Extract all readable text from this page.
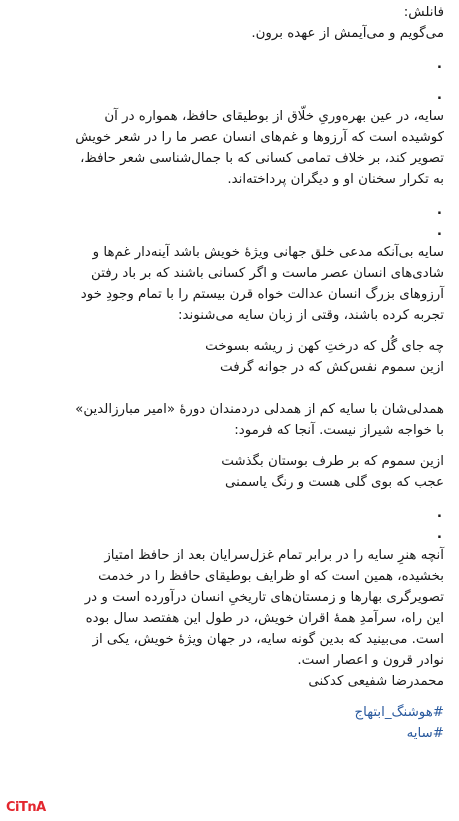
فانلش:
می‌گویم و می‌آیمش از عهده برون.
.
.
سایه، در عین بهره‌وریِ خلّاق از بوطیقای حافظ، همواره در آن
کوشیده است که آرزوها و غم‌های انسان عصر ما را در شعر خویش
تصویر کند، بر خلاف تمامی کسانی که با جمال‌شناسی شعر حافظ،
به تکرار سخنان او و دیگران پرداخته‌اند.
.
.
سایه بی‌آنکه مدعی خلق جهانی ویژهٔ خویش باشد آینه‌دار غم‌ها و
شادی‌های انسان عصر ماست و اگر کسانی باشند که بر باد رفتن
آرزوهای بزرگ انسان عدالت خواه قرن بیستم را با تمام وجودِ خود
تجربه کرده باشند، وقتی از زبان سایه می‌شنوند:
چه جای گُل که درختِ کهن ز ریشه بسوخت
ازین سموم نفس‌کش که در جوانه گرفت
همدلی‌شان با سایه کم از همدلی دردمندان دورهٔ «امیر مبارزالدین»
با خواجه شیراز نیست. آنجا که فرمود:
ازین سموم که بر طرف بوستان بگذشت
عجب که بوی گلی هست و رنگ یاسمنی
.
.
آنچه هنرِ سایه را در برابر تمام غزل‌سرایان بعد از حافظ امتیاز
بخشیده، همین است که او ظرایف بوطیقای حافظ را در خدمت
تصویرگری بهارها و زمستان‌های تاریخیِ انسان درآورده است و در
این راه، سرآمدِ همهٔ اقران خویش، در طول این هفتصد سال بوده
است. می‌بینید که بدین گونه سایه، در جهان ویژهٔ خویش، یکی از
نوادر قرون و اعصار است.
محمدرضا شفیعی کدکنی
#هوشنگ_ابتهاج
#سایه
CiTnA
